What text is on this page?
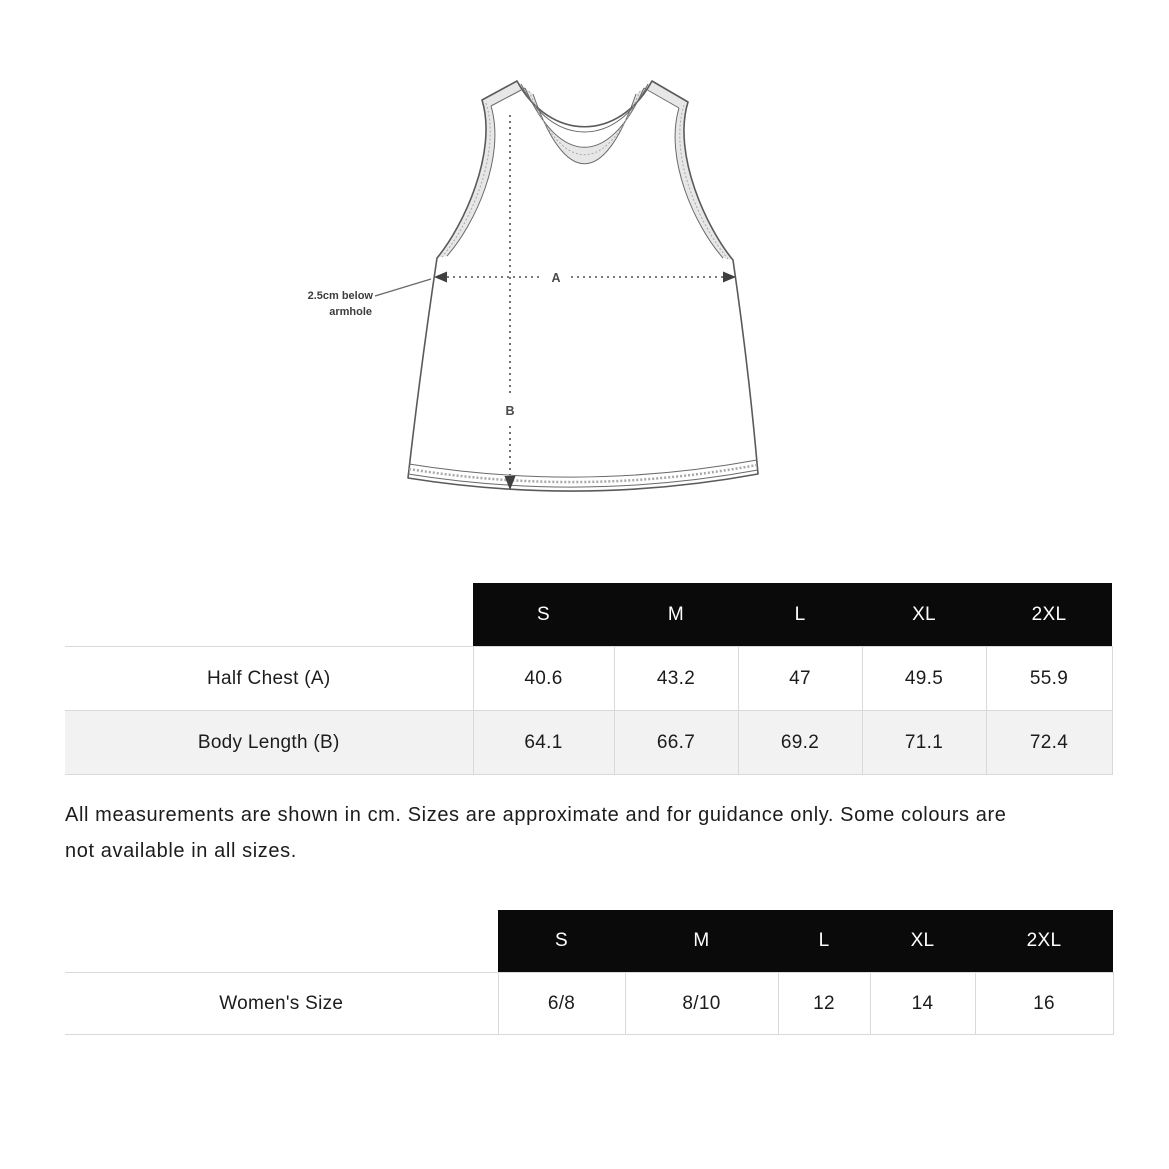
A
B
2.5cm below
armhole
	S	M	L	XL	2XL
Half Chest (A)	40.6	43.2	47	49.5	55.9
Body Length (B)	64.1	66.7	69.2	71.1	72.4
All measurements are shown in cm. Sizes are approximate and for guidance only. Some colours are
not available in all sizes.
	S	M	L	XL	2XL
Women's Size	6/8	8/10	12	14	16
